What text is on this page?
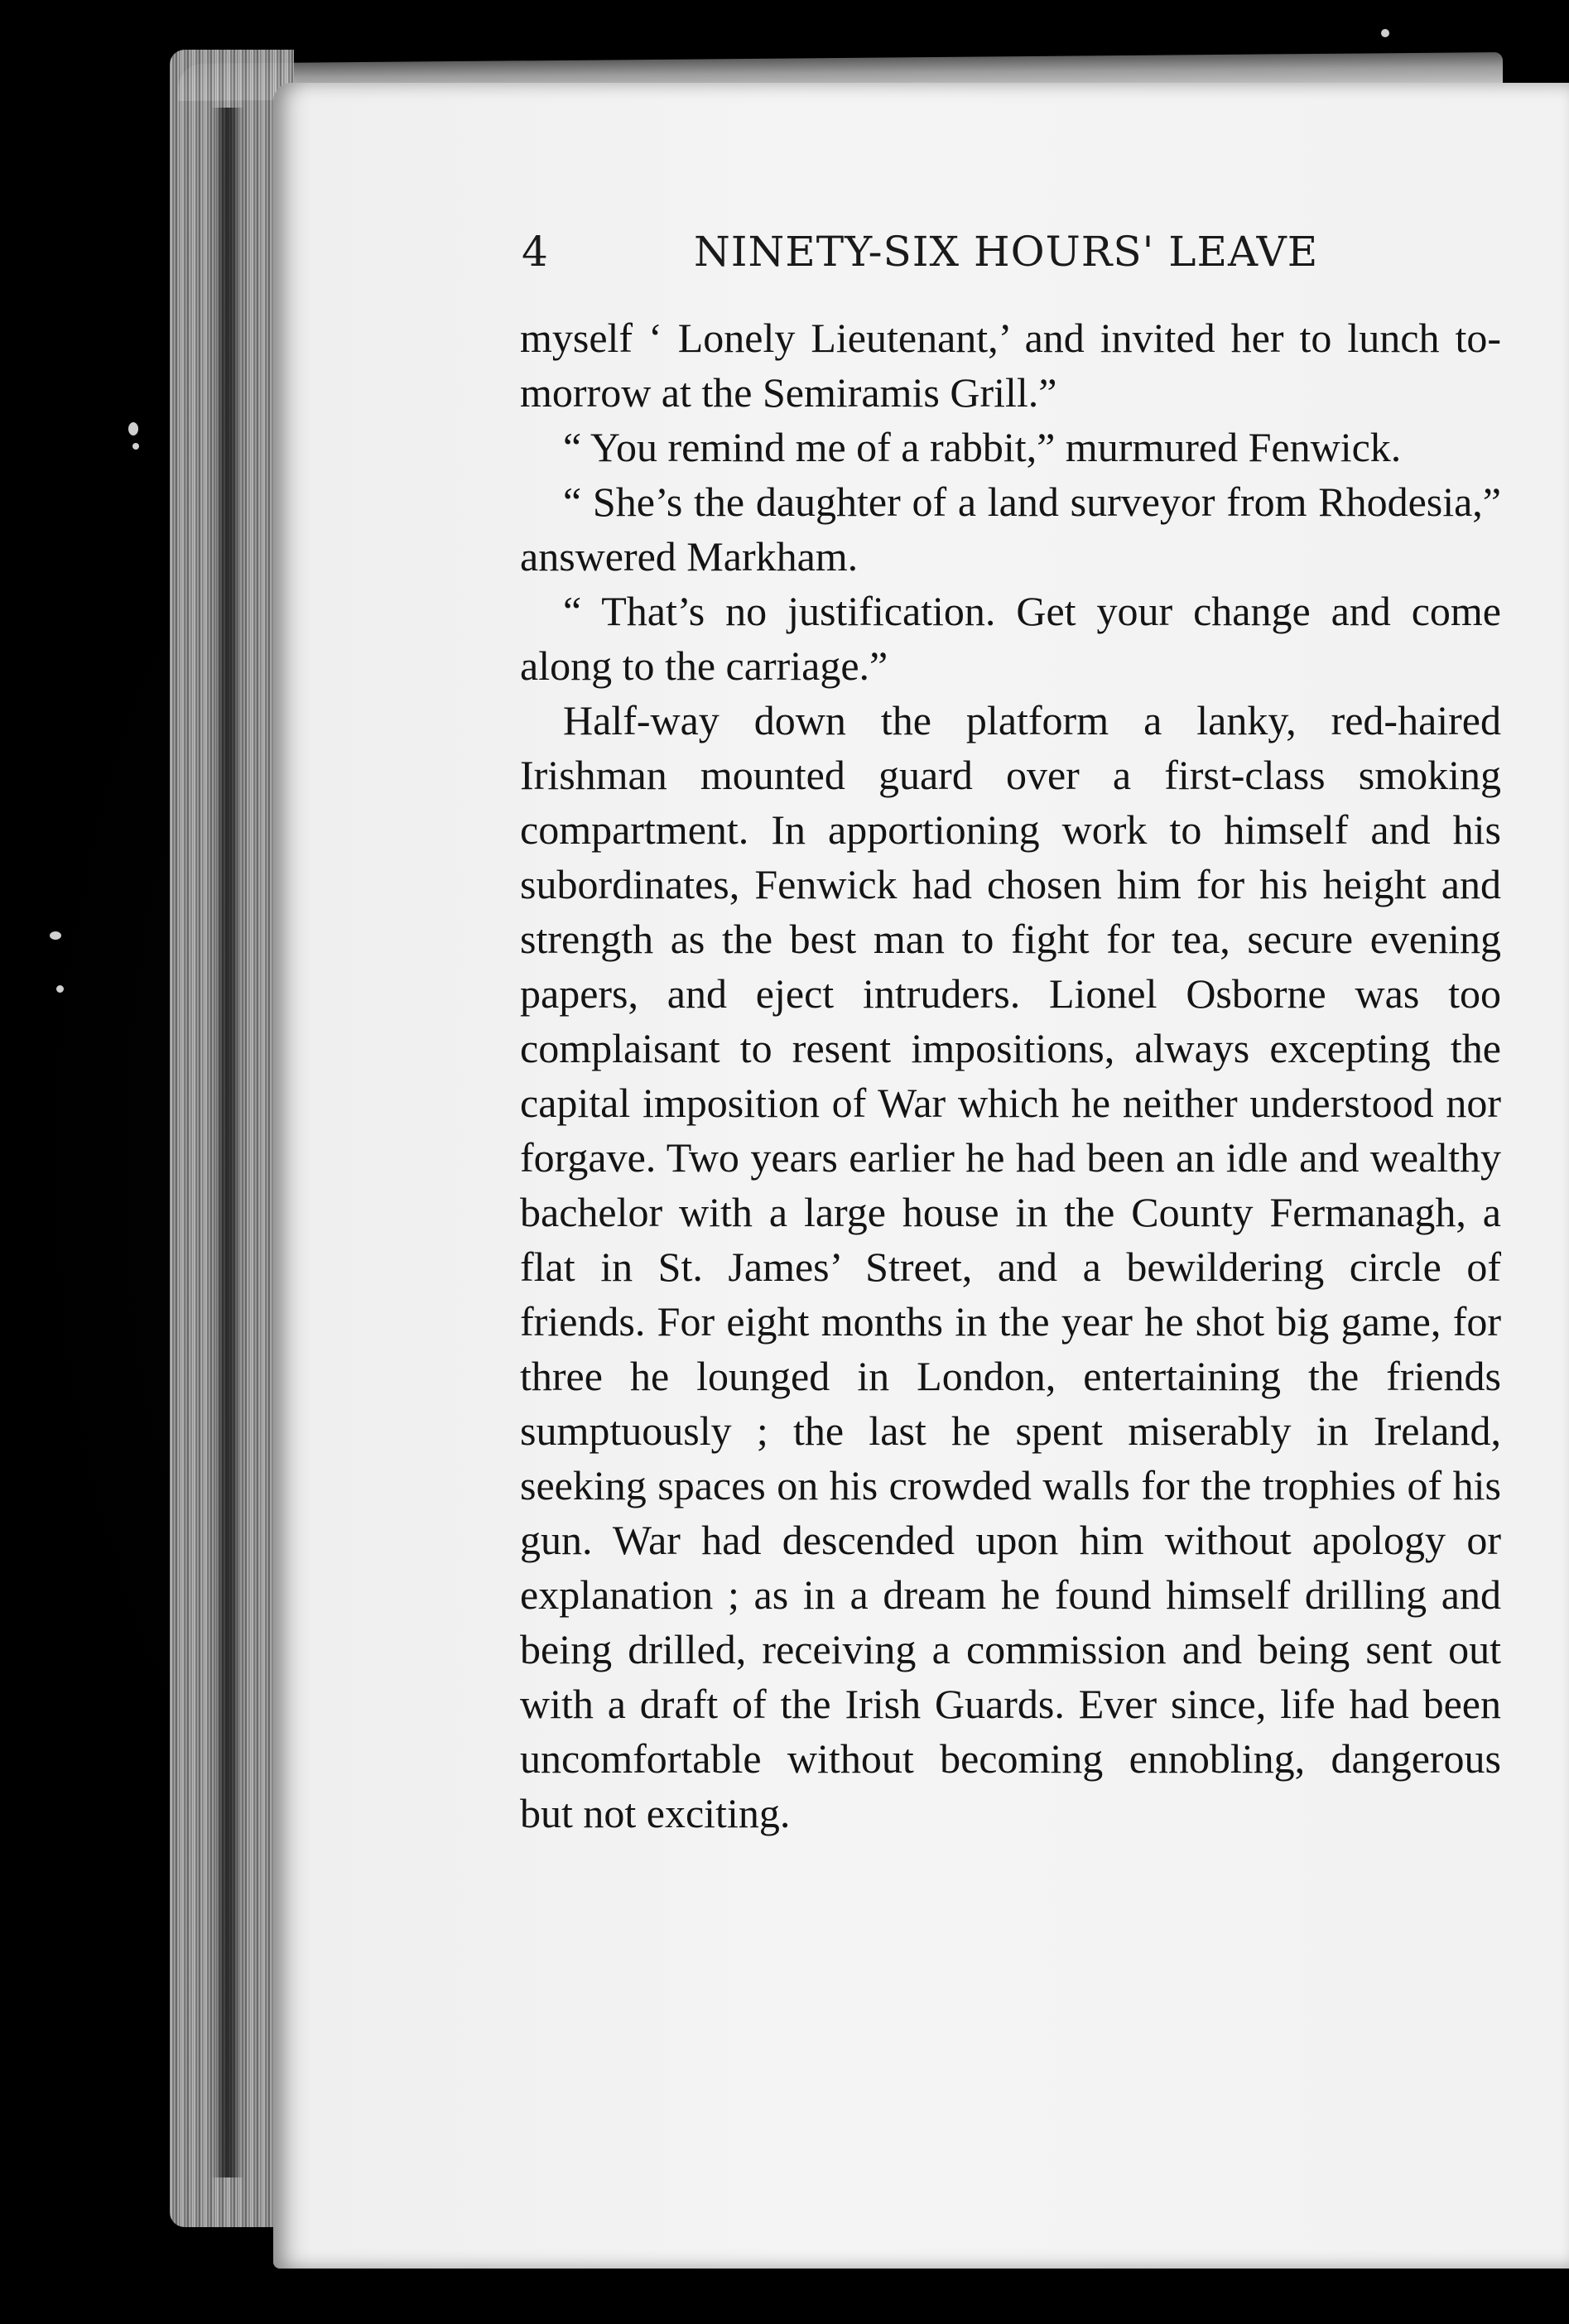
4	NINETY-SIX HOURS' LEAVE

myself ‘ Lonely Lieutenant,’ and invited her to lunch to-morrow at the Semiramis Grill.”

“ You remind me of a rabbit,” murmured Fenwick.

“ She’s the daughter of a land surveyor from Rhodesia,” answered Markham.

“ That’s no justification. Get your change and come along to the carriage.”

Half-way down the platform a lanky, red-haired Irishman mounted guard over a first-class smoking compartment. In apportioning work to himself and his subordinates, Fenwick had chosen him for his height and strength as the best man to fight for tea, secure evening papers, and eject intruders. Lionel Osborne was too complaisant to resent impositions, always excepting the capital imposition of War which he neither understood nor forgave. Two years earlier he had been an idle and wealthy bachelor with a large house in the County Fermanagh, a flat in St. James’ Street, and a bewildering circle of friends. For eight months in the year he shot big game, for three he lounged in London, entertaining the friends sumptuously ; the last he spent miserably in Ireland, seeking spaces on his crowded walls for the trophies of his gun. War had descended upon him without apology or explanation ; as in a dream he found himself drilling and being drilled, receiving a commission and being sent out with a draft of the Irish Guards. Ever since, life had been uncomfortable without becoming ennobling, dangerous but not exciting.
